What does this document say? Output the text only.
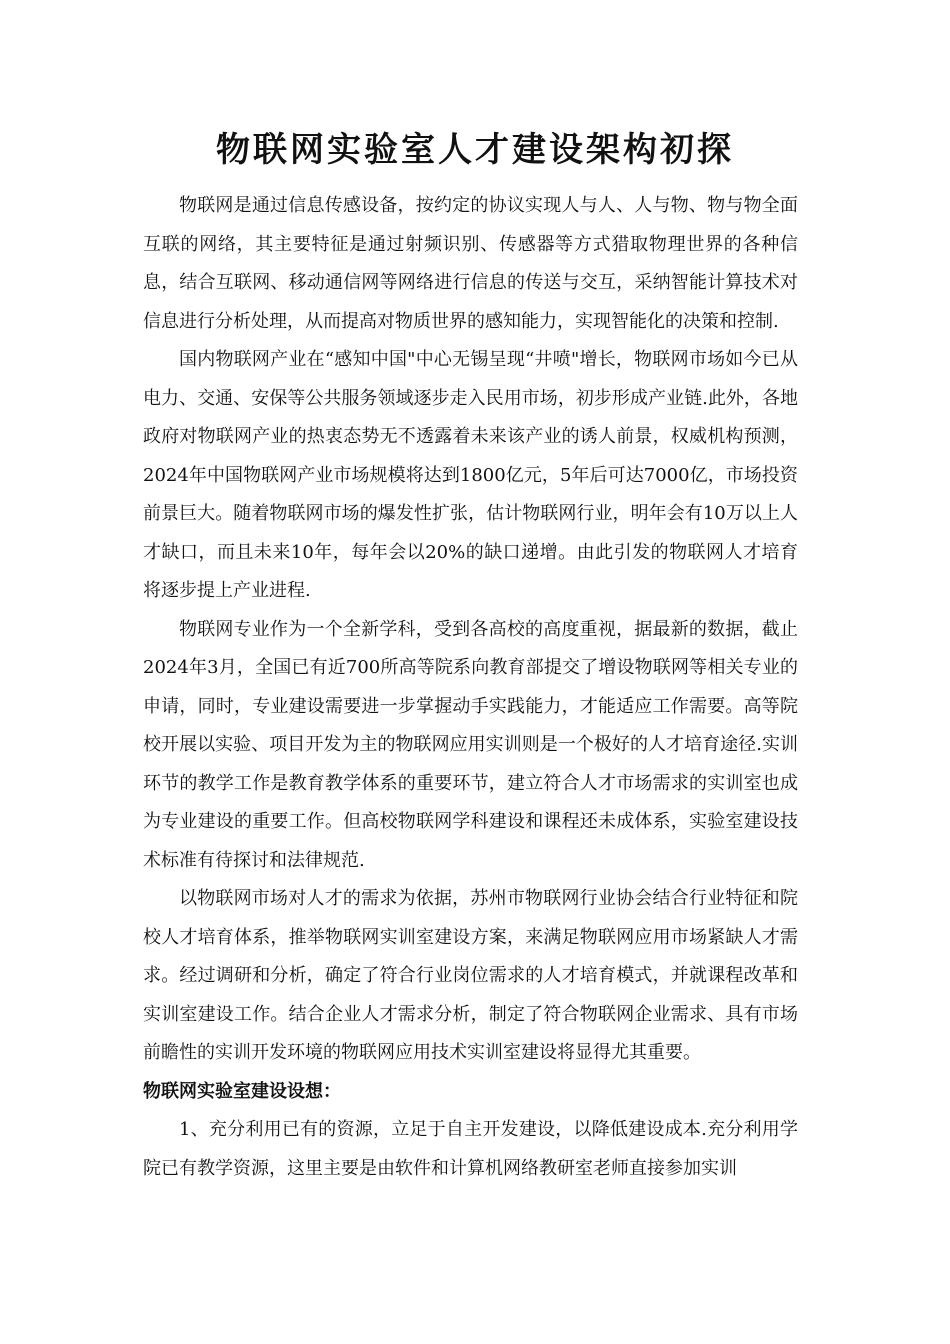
物联网实验室人才建设架构初探

物联网是通过信息传感设备，按约定的协议实现人与人、人与物、物与物全面互联的网络，其主要特征是通过射频识别、传感器等方式猎取物理世界的各种信息，结合互联网、移动通信网等网络进行信息的传送与交互，采纳智能计算技术对信息进行分析处理，从而提高对物质世界的感知能力，实现智能化的决策和控制.

国内物联网产业在“感知中国"中心无锡呈现“井喷"增长，物联网市场如今已从电力、交通、安保等公共服务领域逐步走入民用市场，初步形成产业链.此外，各地政府对物联网产业的热衷态势无不透露着未来该产业的诱人前景，权威机构预测，2024年中国物联网产业市场规模将达到1800亿元，5年后可达7000亿，市场投资前景巨大。随着物联网市场的爆发性扩张，估计物联网行业，明年会有10万以上人才缺口，而且未来10年，每年会以20%的缺口递增。由此引发的物联网人才培育将逐步提上产业进程.

物联网专业作为一个全新学科，受到各高校的高度重视，据最新的数据，截止2024年3月，全国已有近700所高等院系向教育部提交了增设物联网等相关专业的申请，同时，专业建设需要进一步掌握动手实践能力，才能适应工作需要。高等院校开展以实验、项目开发为主的物联网应用实训则是一个极好的人才培育途径.实训环节的教学工作是教育教学体系的重要环节，建立符合人才市场需求的实训室也成为专业建设的重要工作。但高校物联网学科建设和课程还未成体系，实验室建设技术标准有待探讨和法律规范.

以物联网市场对人才的需求为依据，苏州市物联网行业协会结合行业特征和院校人才培育体系，推举物联网实训室建设方案，来满足物联网应用市场紧缺人才需求。经过调研和分析，确定了符合行业岗位需求的人才培育模式，并就课程改革和实训室建设工作。结合企业人才需求分析，制定了符合物联网企业需求、具有市场前瞻性的实训开发环境的物联网应用技术实训室建设将显得尤其重要。

物联网实验室建设设想：

1、充分利用已有的资源，立足于自主开发建设，以降低建设成本.充分利用学院已有教学资源，这里主要是由软件和计算机网络教研室老师直接参加实训
